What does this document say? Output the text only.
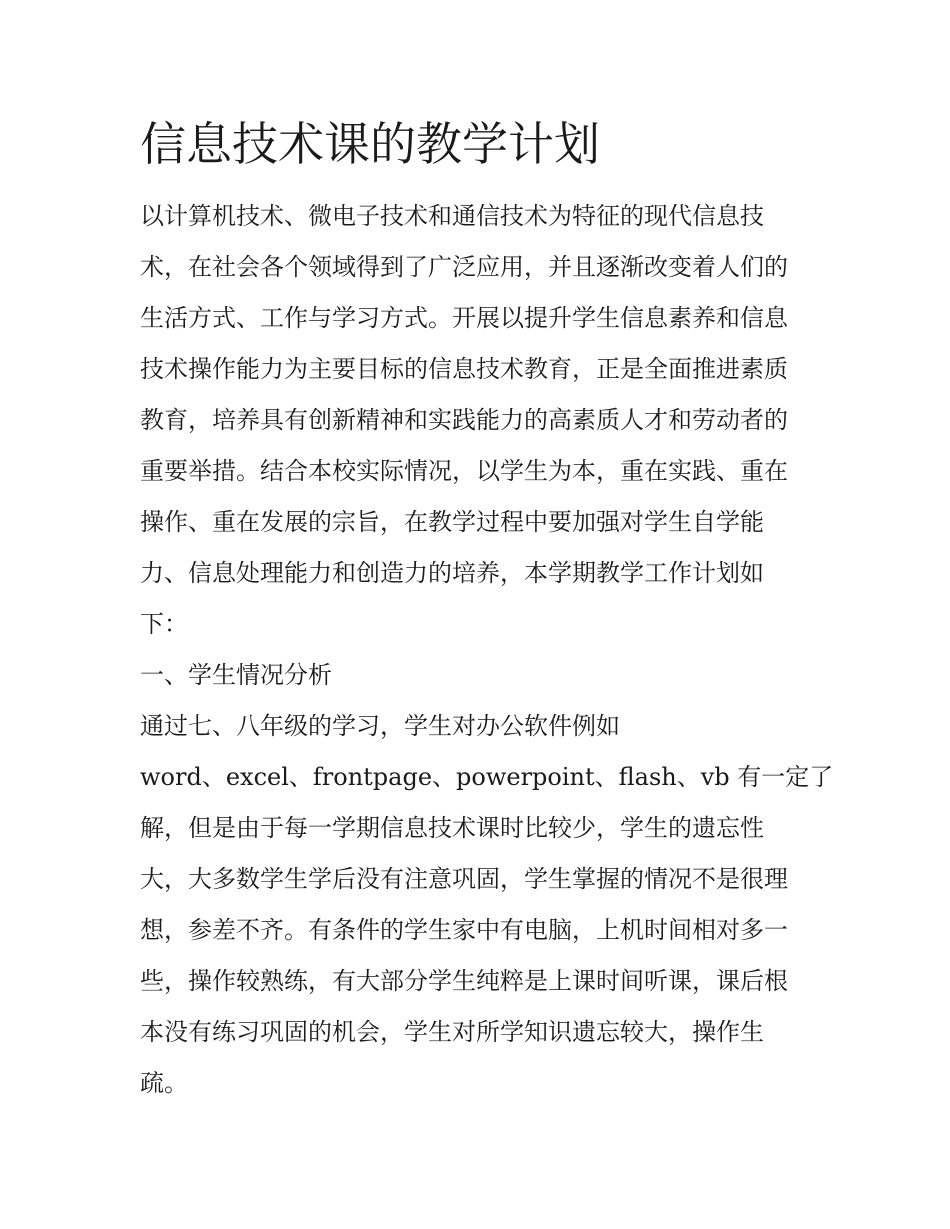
信息技术课的教学计划

以计算机技术、微电子技术和通信技术为特征的现代信息技

术，在社会各个领域得到了广泛应用，并且逐渐改变着人们的

生活方式、工作与学习方式。开展以提升学生信息素养和信息

技术操作能力为主要目标的信息技术教育，正是全面推进素质

教育，培养具有创新精神和实践能力的高素质人才和劳动者的

重要举措。结合本校实际情况，以学生为本，重在实践、重在

操作、重在发展的宗旨，在教学过程中要加强对学生自学能

力、信息处理能力和创造力的培养，本学期教学工作计划如

下：

一、学生情况分析

通过七、八年级的学习，学生对办公软件例如

word、excel、frontpage、powerpoint、flash、vb 有一定了

解，但是由于每一学期信息技术课时比较少，学生的遗忘性

大，大多数学生学后没有注意巩固，学生掌握的情况不是很理

想，参差不齐。有条件的学生家中有电脑，上机时间相对多一

些，操作较熟练，有大部分学生纯粹是上课时间听课，课后根

本没有练习巩固的机会，学生对所学知识遗忘较大，操作生

疏。
